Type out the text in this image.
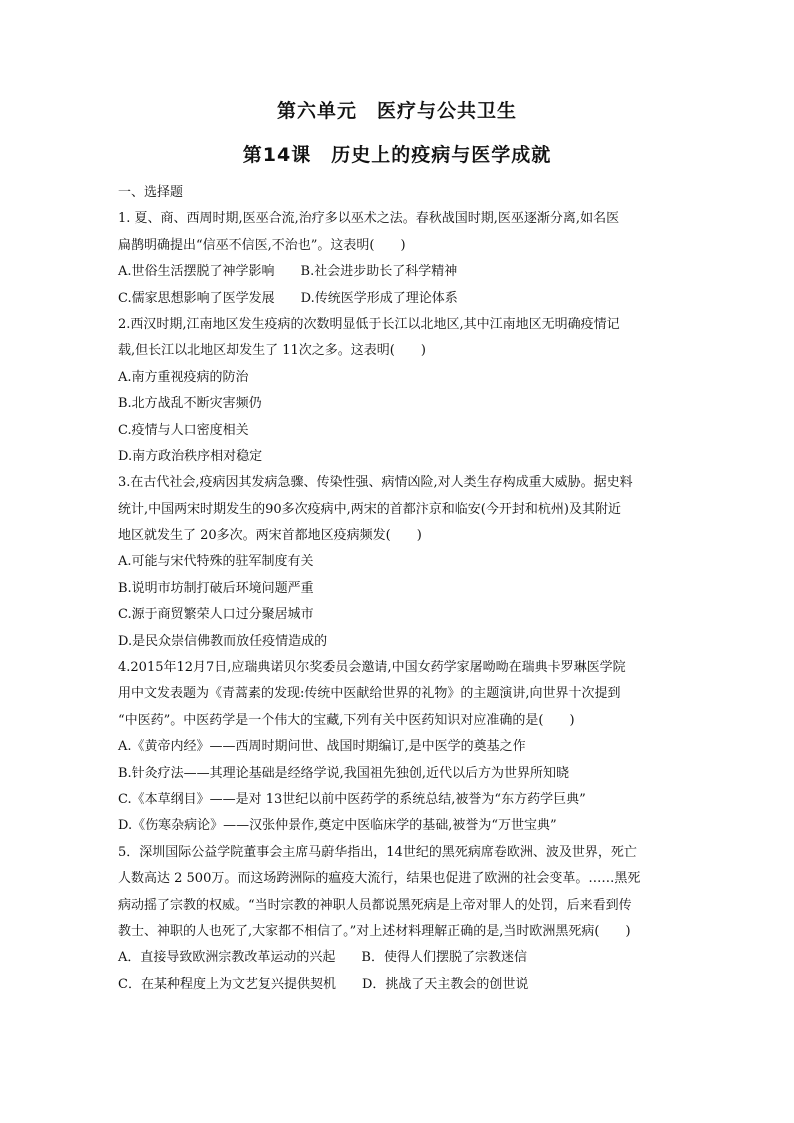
第六单元　医疗与公共卫生
第14课　历史上的疫病与医学成就
一、选择题
1. 夏、商、西周时期,医巫合流,治疗多以巫术之法。春秋战国时期,医巫逐渐分离,如名医
扁鹊明确提出“信巫不信医,不治也”。这表明(　　)
A.世俗生活摆脱了神学影响　　B.社会进步助长了科学精神
C.儒家思想影响了医学发展　　D.传统医学形成了理论体系
2.西汉时期,江南地区发生疫病的次数明显低于长江以北地区,其中江南地区无明确疫情记
载,但长江以北地区却发生了 11次之多。这表明(　　)
A.南方重视疫病的防治
B.北方战乱不断灾害频仍
C.疫情与人口密度相关
D.南方政治秩序相对稳定
3.在古代社会,疫病因其发病急骤、传染性强、病情凶险,对人类生存构成重大威胁。据史料
统计,中国两宋时期发生的90多次疫病中,两宋的首都汴京和临安(今开封和杭州)及其附近
地区就发生了 20多次。两宋首都地区疫病频发(　　)
A.可能与宋代特殊的驻军制度有关
B.说明市坊制打破后环境问题严重
C.源于商贸繁荣人口过分聚居城市
D.是民众崇信佛教而放任疫情造成的
4.2015年12月7日,应瑞典诺贝尔奖委员会邀请,中国女药学家屠呦呦在瑞典卡罗琳医学院
用中文发表题为《青蒿素的发现:传统中医献给世界的礼物》的主题演讲,向世界十次提到
“中医药”。中医药学是一个伟大的宝藏,下列有关中医药知识对应准确的是(　　)
A.《黄帝内经》——西周时期问世、战国时期编订,是中医学的奠基之作
B.针灸疗法——其理论基础是经络学说,我国祖先独创,近代以后方为世界所知晓
C.《本草纲目》——是对 13世纪以前中医药学的系统总结,被誉为“东方药学巨典”
D.《伤寒杂病论》——汉张仲景作,奠定中医临床学的基础,被誉为“万世宝典”
5．深圳国际公益学院董事会主席马蔚华指出，14世纪的黑死病席卷欧洲、波及世界，死亡
人数高达 2 500万。而这场跨洲际的瘟疫大流行，结果也促进了欧洲的社会变革。……黑死
病动摇了宗教的权威。“当时宗教的神职人员都说黑死病是上帝对罪人的处罚，后来看到传
教士、神职的人也死了,大家都不相信了。”对上述材料理解正确的是,当时欧洲黑死病(　　)
A．直接导致欧洲宗教改革运动的兴起　　B．使得人们摆脱了宗教迷信
C．在某种程度上为文艺复兴提供契机　　D．挑战了天主教会的创世说
